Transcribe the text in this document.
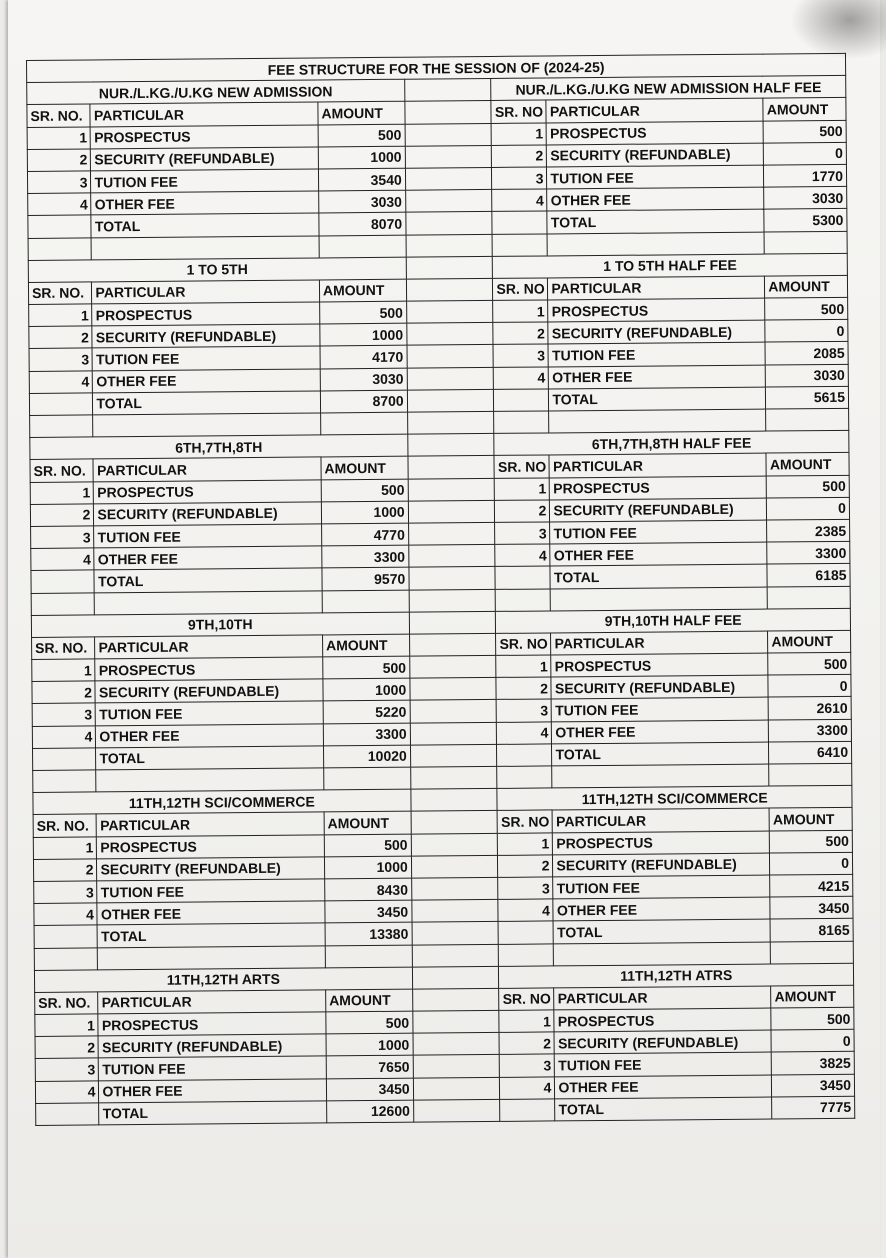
FEE STRUCTURE FOR THE SESSION OF (2024-25)						
NUR./L.KG./U.KG NEW ADMISSION				NUR./L.KG./U.KG NEW ADMISSION HALF FEE		
SR. NO.	PARTICULAR	AMOUNT		SR. NO	PARTICULAR	AMOUNT
1	PROSPECTUS	500		1	PROSPECTUS	500
2	SECURITY (REFUNDABLE)	1000		2	SECURITY (REFUNDABLE)	0
3	TUTION FEE	3540		3	TUTION FEE	1770
4	OTHER FEE	3030		4	OTHER FEE	3030
	TOTAL	8070			TOTAL	5300

1 TO 5TH				1 TO 5TH HALF FEE		
SR. NO.	PARTICULAR	AMOUNT		SR. NO	PARTICULAR	AMOUNT
1	PROSPECTUS	500		1	PROSPECTUS	500
2	SECURITY (REFUNDABLE)	1000		2	SECURITY (REFUNDABLE)	0
3	TUTION FEE	4170		3	TUTION FEE	2085
4	OTHER FEE	3030		4	OTHER FEE	3030
	TOTAL	8700			TOTAL	5615

6TH,7TH,8TH				6TH,7TH,8TH HALF FEE		
SR. NO.	PARTICULAR	AMOUNT		SR. NO	PARTICULAR	AMOUNT
1	PROSPECTUS	500		1	PROSPECTUS	500
2	SECURITY (REFUNDABLE)	1000		2	SECURITY (REFUNDABLE)	0
3	TUTION FEE	4770		3	TUTION FEE	2385
4	OTHER FEE	3300		4	OTHER FEE	3300
	TOTAL	9570			TOTAL	6185

9TH,10TH				9TH,10TH HALF FEE		
SR. NO.	PARTICULAR	AMOUNT		SR. NO	PARTICULAR	AMOUNT
1	PROSPECTUS	500		1	PROSPECTUS	500
2	SECURITY (REFUNDABLE)	1000		2	SECURITY (REFUNDABLE)	0
3	TUTION FEE	5220		3	TUTION FEE	2610
4	OTHER FEE	3300		4	OTHER FEE	3300
	TOTAL	10020			TOTAL	6410

11TH,12TH SCI/COMMERCE				11TH,12TH SCI/COMMERCE		
SR. NO.	PARTICULAR	AMOUNT		SR. NO	PARTICULAR	AMOUNT
1	PROSPECTUS	500		1	PROSPECTUS	500
2	SECURITY (REFUNDABLE)	1000		2	SECURITY (REFUNDABLE)	0
3	TUTION FEE	8430		3	TUTION FEE	4215
4	OTHER FEE	3450		4	OTHER FEE	3450
	TOTAL	13380			TOTAL	8165

11TH,12TH ARTS				11TH,12TH ATRS		
SR. NO.	PARTICULAR	AMOUNT		SR. NO	PARTICULAR	AMOUNT
1	PROSPECTUS	500		1	PROSPECTUS	500
2	SECURITY (REFUNDABLE)	1000		2	SECURITY (REFUNDABLE)	0
3	TUTION FEE	7650		3	TUTION FEE	3825
4	OTHER FEE	3450		4	OTHER FEE	3450
	TOTAL	12600			TOTAL	7775
